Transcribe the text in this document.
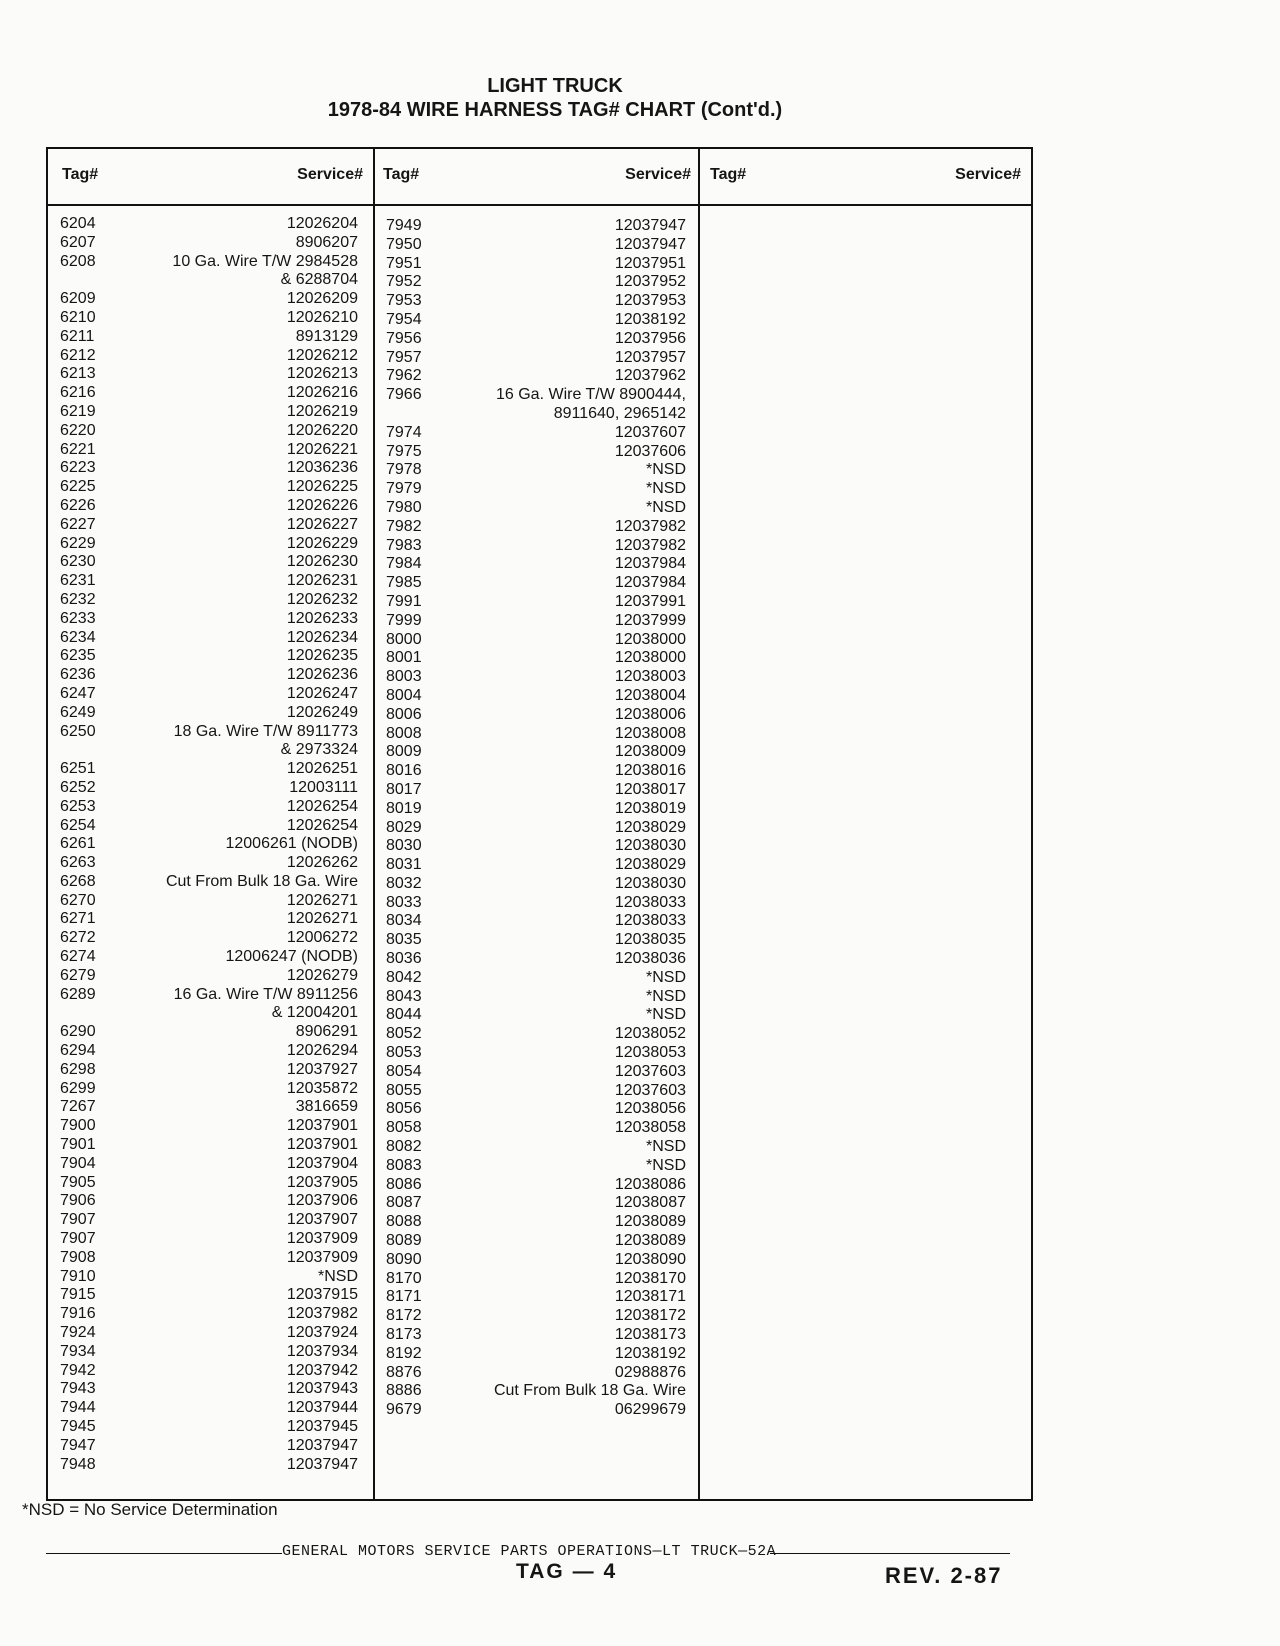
LIGHT TRUCK
1978-84 WIRE HARNESS TAG# CHART (Cont'd.)
Tag#	Service# Tag#	Service# Tag#	Service#
6204	12026204
6207	8906207
6208	10 Ga. Wire T/W 2984528
& 6288704
6209	12026209
6210	12026210
6211	8913129
6212	12026212
6213	12026213
6216	12026216
6219	12026219
6220	12026220
6221	12026221
6223	12036236
6225	12026225
6226	12026226
6227	12026227
6229	12026229
6230	12026230
6231	12026231
6232	12026232
6233	12026233
6234	12026234
6235	12026235
6236	12026236
6247	12026247
6249	12026249
6250	18 Ga. Wire T/W 8911773
& 2973324
6251	12026251
6252	12003111
6253	12026254
6254	12026254
6261	12006261 (NODB)
6263	12026262
6268	Cut From Bulk 18 Ga. Wire
6270	12026271
6271	12026271
6272	12006272
6274	12006247 (NODB)
6279	12026279
6289	16 Ga. Wire T/W 8911256
& 12004201
6290	8906291
6294	12026294
6298	12037927
6299	12035872
7267	3816659
7900	12037901
7901	12037901
7904	12037904
7905	12037905
7906	12037906
7907	12037907
7907	12037909
7908	12037909
7910	*NSD
7915	12037915
7916	12037982
7924	12037924
7934	12037934
7942	12037942
7943	12037943
7944	12037944
7945	12037945
7947	12037947
7948	12037947
7949	12037947
7950	12037947
7951	12037951
7952	12037952
7953	12037953
7954	12038192
7956	12037956
7957	12037957
7962	12037962
7966	16 Ga. Wire T/W 8900444,
8911640, 2965142
7974	12037607
7975	12037606
7978	*NSD
7979	*NSD
7980	*NSD
7982	12037982
7983	12037982
7984	12037984
7985	12037984
7991	12037991
7999	12037999
8000	12038000
8001	12038000
8003	12038003
8004	12038004
8006	12038006
8008	12038008
8009	12038009
8016	12038016
8017	12038017
8019	12038019
8029	12038029
8030	12038030
8031	12038029
8032	12038030
8033	12038033
8034	12038033
8035	12038035
8036	12038036
8042	*NSD
8043	*NSD
8044	*NSD
8052	12038052
8053	12038053
8054	12037603
8055	12037603
8056	12038056
8058	12038058
8082	*NSD
8083	*NSD
8086	12038086
8087	12038087
8088	12038089
8089	12038089
8090	12038090
8170	12038170
8171	12038171
8172	12038172
8173	12038173
8192	12038192
8876	02988876
8886	Cut From Bulk 18 Ga. Wire
9679	06299679
*NSD = No Service Determination
GENERAL MOTORS SERVICE PARTS OPERATIONS—LT TRUCK—52A
TAG — 4	REV. 2-87
